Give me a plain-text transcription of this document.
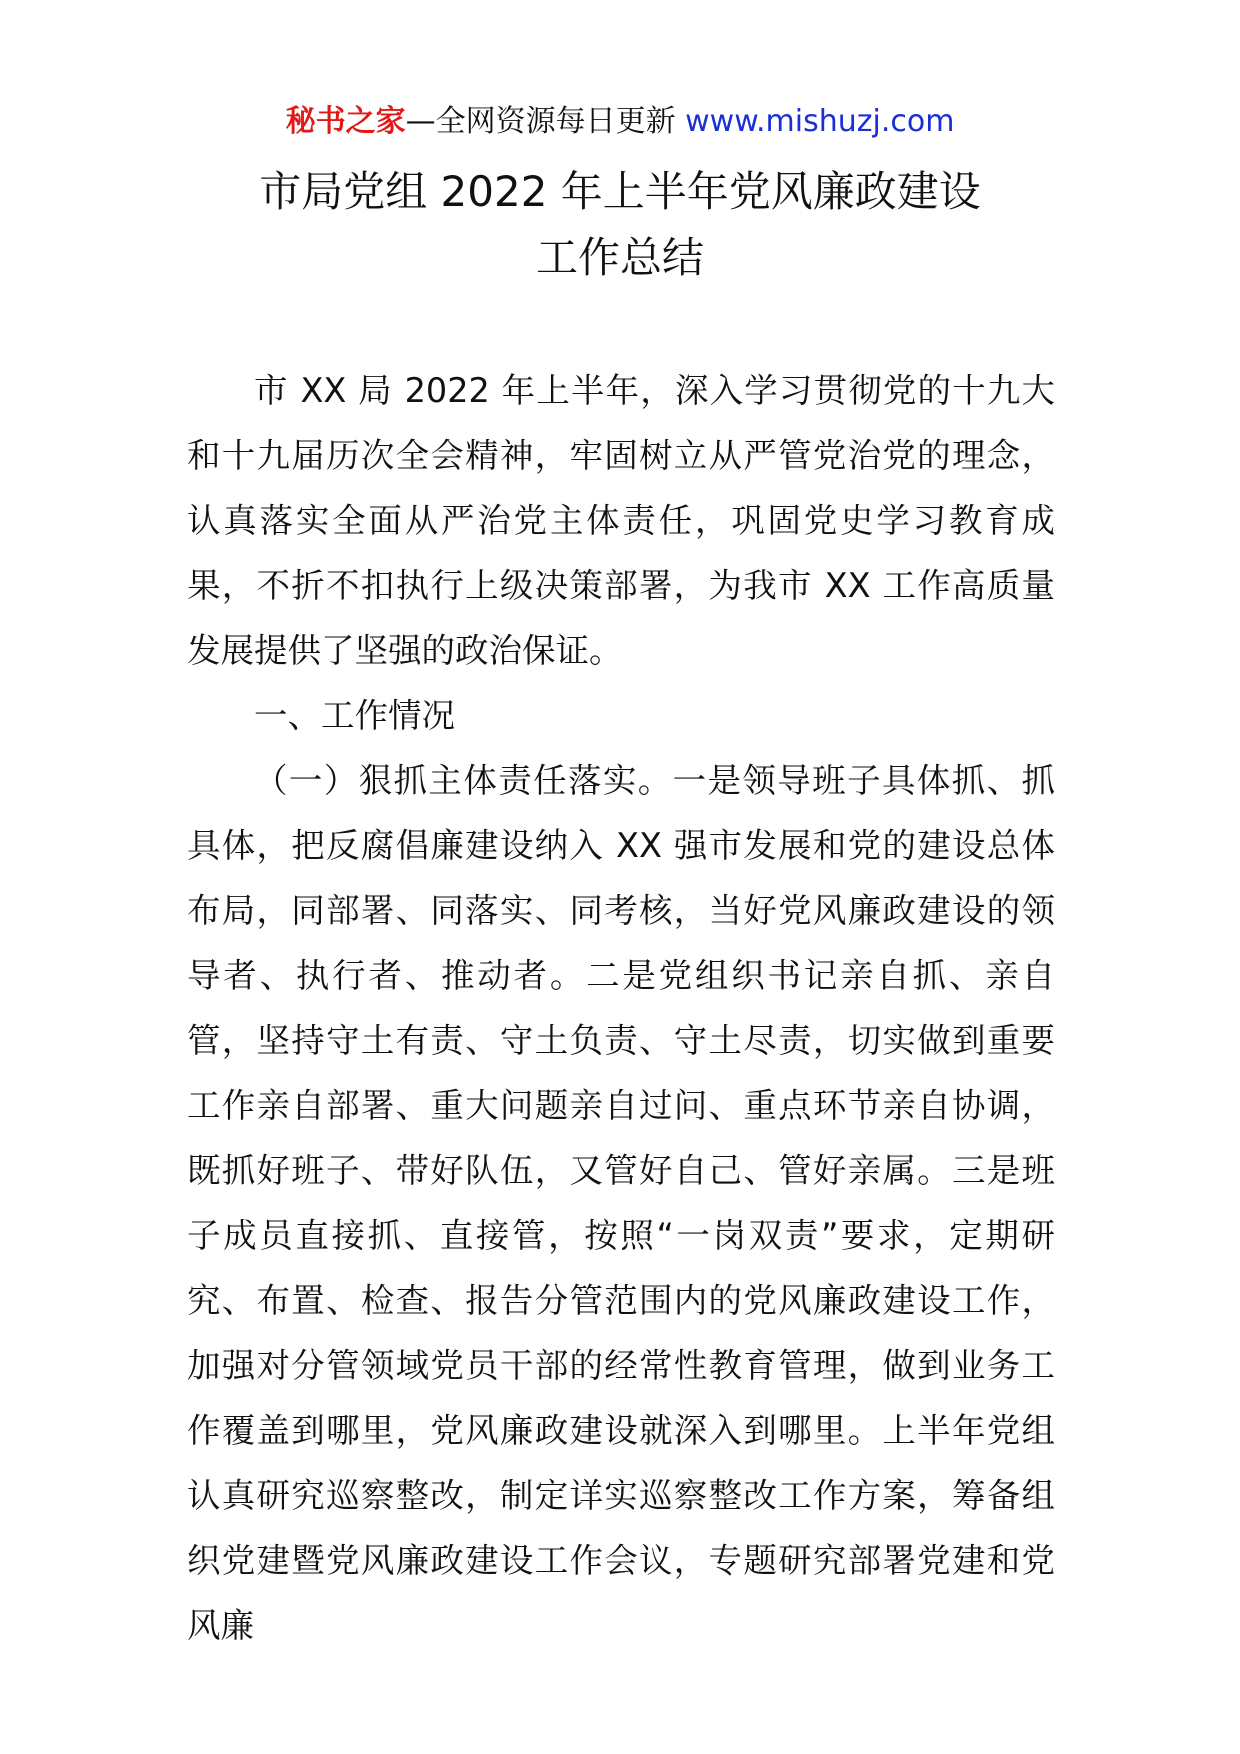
秘书之家—全网资源每日更新 www.mishuzj.com
市局党组 2022 年上半年党风廉政建设
工作总结

市 XX 局 2022 年上半年，深入学习贯彻党的十九大和十九届历次全会精神，牢固树立从严管党治党的理念，认真落实全面从严治党主体责任，巩固党史学习教育成果，不折不扣执行上级决策部署，为我市 XX 工作高质量发展提供了坚强的政治保证。

一、工作情况

（一）狠抓主体责任落实。一是领导班子具体抓、抓具体，把反腐倡廉建设纳入 XX 强市发展和党的建设总体布局，同部署、同落实、同考核，当好党风廉政建设的领导者、执行者、推动者。二是党组织书记亲自抓、亲自管，坚持守土有责、守土负责、守土尽责，切实做到重要工作亲自部署、重大问题亲自过问、重点环节亲自协调，既抓好班子、带好队伍，又管好自己、管好亲属。三是班子成员直接抓、直接管，按照“一岗双责”要求，定期研究、布置、检查、报告分管范围内的党风廉政建设工作，加强对分管领域党员干部的经常性教育管理，做到业务工作覆盖到哪里，党风廉政建设就深入到哪里。上半年党组认真研究巡察整改，制定详实巡察整改工作方案，筹备组织党建暨党风廉政建设工作会议，专题研究部署党建和党风廉
